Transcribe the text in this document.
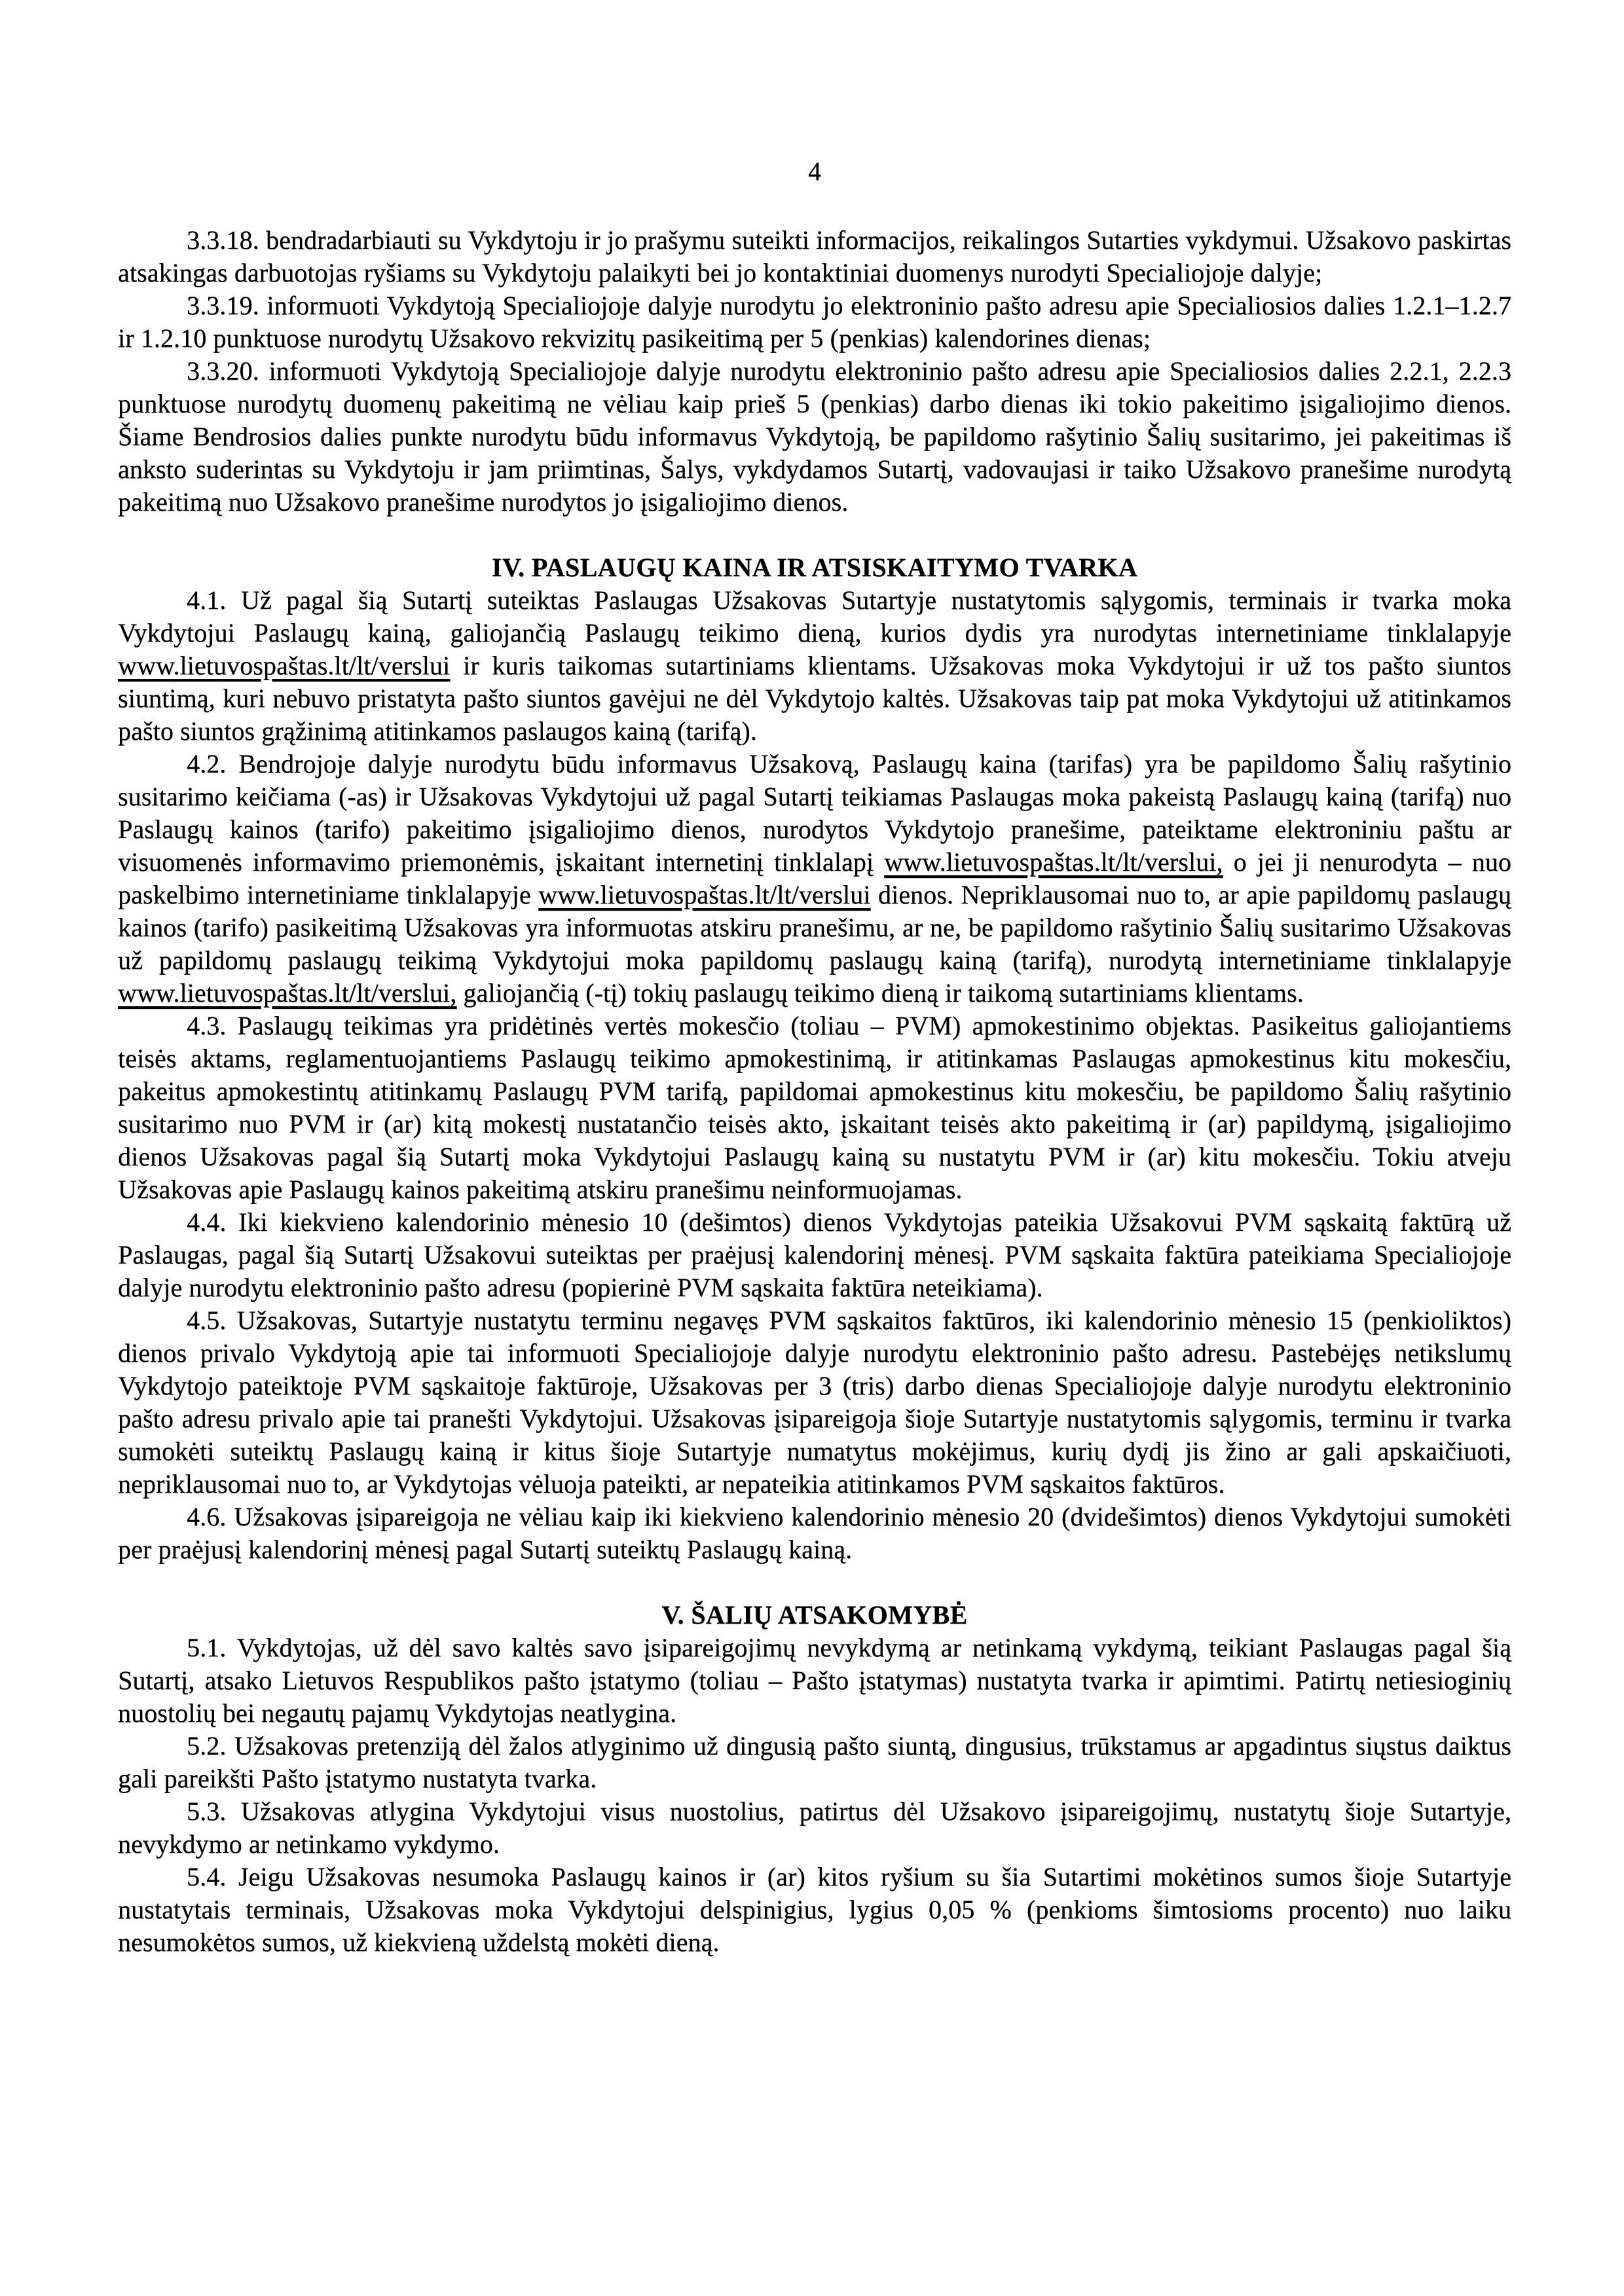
4

3.3.18. bendradarbiauti su Vykdytoju ir jo prašymu suteikti informacijos, reikalingos Sutarties vykdymui. Užsakovo paskirtas atsakingas darbuotojas ryšiams su Vykdytoju palaikyti bei jo kontaktiniai duomenys nurodyti Specialiojoje dalyje;

3.3.19. informuoti Vykdytoją Specialiojoje dalyje nurodytu jo elektroninio pašto adresu apie Specialiosios dalies 1.2.1–1.2.7 ir 1.2.10 punktuose nurodytų Užsakovo rekvizitų pasikeitimą per 5 (penkias) kalendorines dienas;

3.3.20. informuoti Vykdytoją Specialiojoje dalyje nurodytu elektroninio pašto adresu apie Specialiosios dalies 2.2.1, 2.2.3 punktuose nurodytų duomenų pakeitimą ne vėliau kaip prieš 5 (penkias) darbo dienas iki tokio pakeitimo įsigaliojimo dienos. Šiame Bendrosios dalies punkte nurodytu būdu informavus Vykdytoją, be papildomo rašytinio Šalių susitarimo, jei pakeitimas iš anksto suderintas su Vykdytoju ir jam priimtinas, Šalys, vykdydamos Sutartį, vadovaujasi ir taiko Užsakovo pranešime nurodytą pakeitimą nuo Užsakovo pranešime nurodytos jo įsigaliojimo dienos.

IV. PASLAUGŲ KAINA IR ATSISKAITYMO TVARKA

4.1. Už pagal šią Sutartį suteiktas Paslaugas Užsakovas Sutartyje nustatytomis sąlygomis, terminais ir tvarka moka Vykdytojui Paslaugų kainą, galiojančią Paslaugų teikimo dieną, kurios dydis yra nurodytas internetiniame tinklalapyje www.lietuvospaštas.lt/lt/verslui ir kuris taikomas sutartiniams klientams. Užsakovas moka Vykdytojui ir už tos pašto siuntos siuntimą, kuri nebuvo pristatyta pašto siuntos gavėjui ne dėl Vykdytojo kaltės. Užsakovas taip pat moka Vykdytojui už atitinkamos pašto siuntos grąžinimą atitinkamos paslaugos kainą (tarifą).

4.2. Bendrojoje dalyje nurodytu būdu informavus Užsakovą, Paslaugų kaina (tarifas) yra be papildomo Šalių rašytinio susitarimo keičiama (-as) ir Užsakovas Vykdytojui už pagal Sutartį teikiamas Paslaugas moka pakeistą Paslaugų kainą (tarifą) nuo Paslaugų kainos (tarifo) pakeitimo įsigaliojimo dienos, nurodytos Vykdytojo pranešime, pateiktame elektroniniu paštu ar visuomenės informavimo priemonėmis, įskaitant internetinį tinklalapį www.lietuvospaštas.lt/lt/verslui, o jei ji nenurodyta – nuo paskelbimo internetiniame tinklalapyje www.lietuvospaštas.lt/lt/verslui dienos. Nepriklausomai nuo to, ar apie papildomų paslaugų kainos (tarifo) pasikeitimą Užsakovas yra informuotas atskiru pranešimu, ar ne, be papildomo rašytinio Šalių susitarimo Užsakovas už papildomų paslaugų teikimą Vykdytojui moka papildomų paslaugų kainą (tarifą), nurodytą internetiniame tinklalapyje www.lietuvospaštas.lt/lt/verslui, galiojančią (-tį) tokių paslaugų teikimo dieną ir taikomą sutartiniams klientams.

4.3. Paslaugų teikimas yra pridėtinės vertės mokesčio (toliau – PVM) apmokestinimo objektas. Pasikeitus galiojantiems teisės aktams, reglamentuojantiems Paslaugų teikimo apmokestinimą, ir atitinkamas Paslaugas apmokestinus kitu mokesčiu, pakeitus apmokestintų atitinkamų Paslaugų PVM tarifą, papildomai apmokestinus kitu mokesčiu, be papildomo Šalių rašytinio susitarimo nuo PVM ir (ar) kitą mokestį nustatančio teisės akto, įskaitant teisės akto pakeitimą ir (ar) papildymą, įsigaliojimo dienos Užsakovas pagal šią Sutartį moka Vykdytojui Paslaugų kainą su nustatytu PVM ir (ar) kitu mokesčiu. Tokiu atveju Užsakovas apie Paslaugų kainos pakeitimą atskiru pranešimu neinformuojamas.

4.4. Iki kiekvieno kalendorinio mėnesio 10 (dešimtos) dienos Vykdytojas pateikia Užsakovui PVM sąskaitą faktūrą už Paslaugas, pagal šią Sutartį Užsakovui suteiktas per praėjusį kalendorinį mėnesį. PVM sąskaita faktūra pateikiama Specialiojoje dalyje nurodytu elektroninio pašto adresu (popierinė PVM sąskaita faktūra neteikiama).

4.5. Užsakovas, Sutartyje nustatytu terminu negavęs PVM sąskaitos faktūros, iki kalendorinio mėnesio 15 (penkioliktos) dienos privalo Vykdytoją apie tai informuoti Specialiojoje dalyje nurodytu elektroninio pašto adresu. Pastebėjęs netikslumų Vykdytojo pateiktoje PVM sąskaitoje faktūroje, Užsakovas per 3 (tris) darbo dienas Specialiojoje dalyje nurodytu elektroninio pašto adresu privalo apie tai pranešti Vykdytojui. Užsakovas įsipareigoja šioje Sutartyje nustatytomis sąlygomis, terminu ir tvarka sumokėti suteiktų Paslaugų kainą ir kitus šioje Sutartyje numatytus mokėjimus, kurių dydį jis žino ar gali apskaičiuoti, nepriklausomai nuo to, ar Vykdytojas vėluoja pateikti, ar nepateikia atitinkamos PVM sąskaitos faktūros.

4.6. Užsakovas įsipareigoja ne vėliau kaip iki kiekvieno kalendorinio mėnesio 20 (dvidešimtos) dienos Vykdytojui sumokėti per praėjusį kalendorinį mėnesį pagal Sutartį suteiktų Paslaugų kainą.

V. ŠALIŲ ATSAKOMYBĖ

5.1. Vykdytojas, už dėl savo kaltės savo įsipareigojimų nevykdymą ar netinkamą vykdymą, teikiant Paslaugas pagal šią Sutartį, atsako Lietuvos Respublikos pašto įstatymo (toliau – Pašto įstatymas) nustatyta tvarka ir apimtimi. Patirtų netiesioginių nuostolių bei negautų pajamų Vykdytojas neatlygina.

5.2. Užsakovas pretenziją dėl žalos atlyginimo už dingusią pašto siuntą, dingusius, trūkstamus ar apgadintus siųstus daiktus gali pareikšti Pašto įstatymo nustatyta tvarka.

5.3. Užsakovas atlygina Vykdytojui visus nuostolius, patirtus dėl Užsakovo įsipareigojimų, nustatytų šioje Sutartyje, nevykdymo ar netinkamo vykdymo.

5.4. Jeigu Užsakovas nesumoka Paslaugų kainos ir (ar) kitos ryšium su šia Sutartimi mokėtinos sumos šioje Sutartyje nustatytais terminais, Užsakovas moka Vykdytojui delspinigius, lygius 0,05 % (penkioms šimtosioms procento) nuo laiku nesumokėtos sumos, už kiekvieną uždelstą mokėti dieną.
